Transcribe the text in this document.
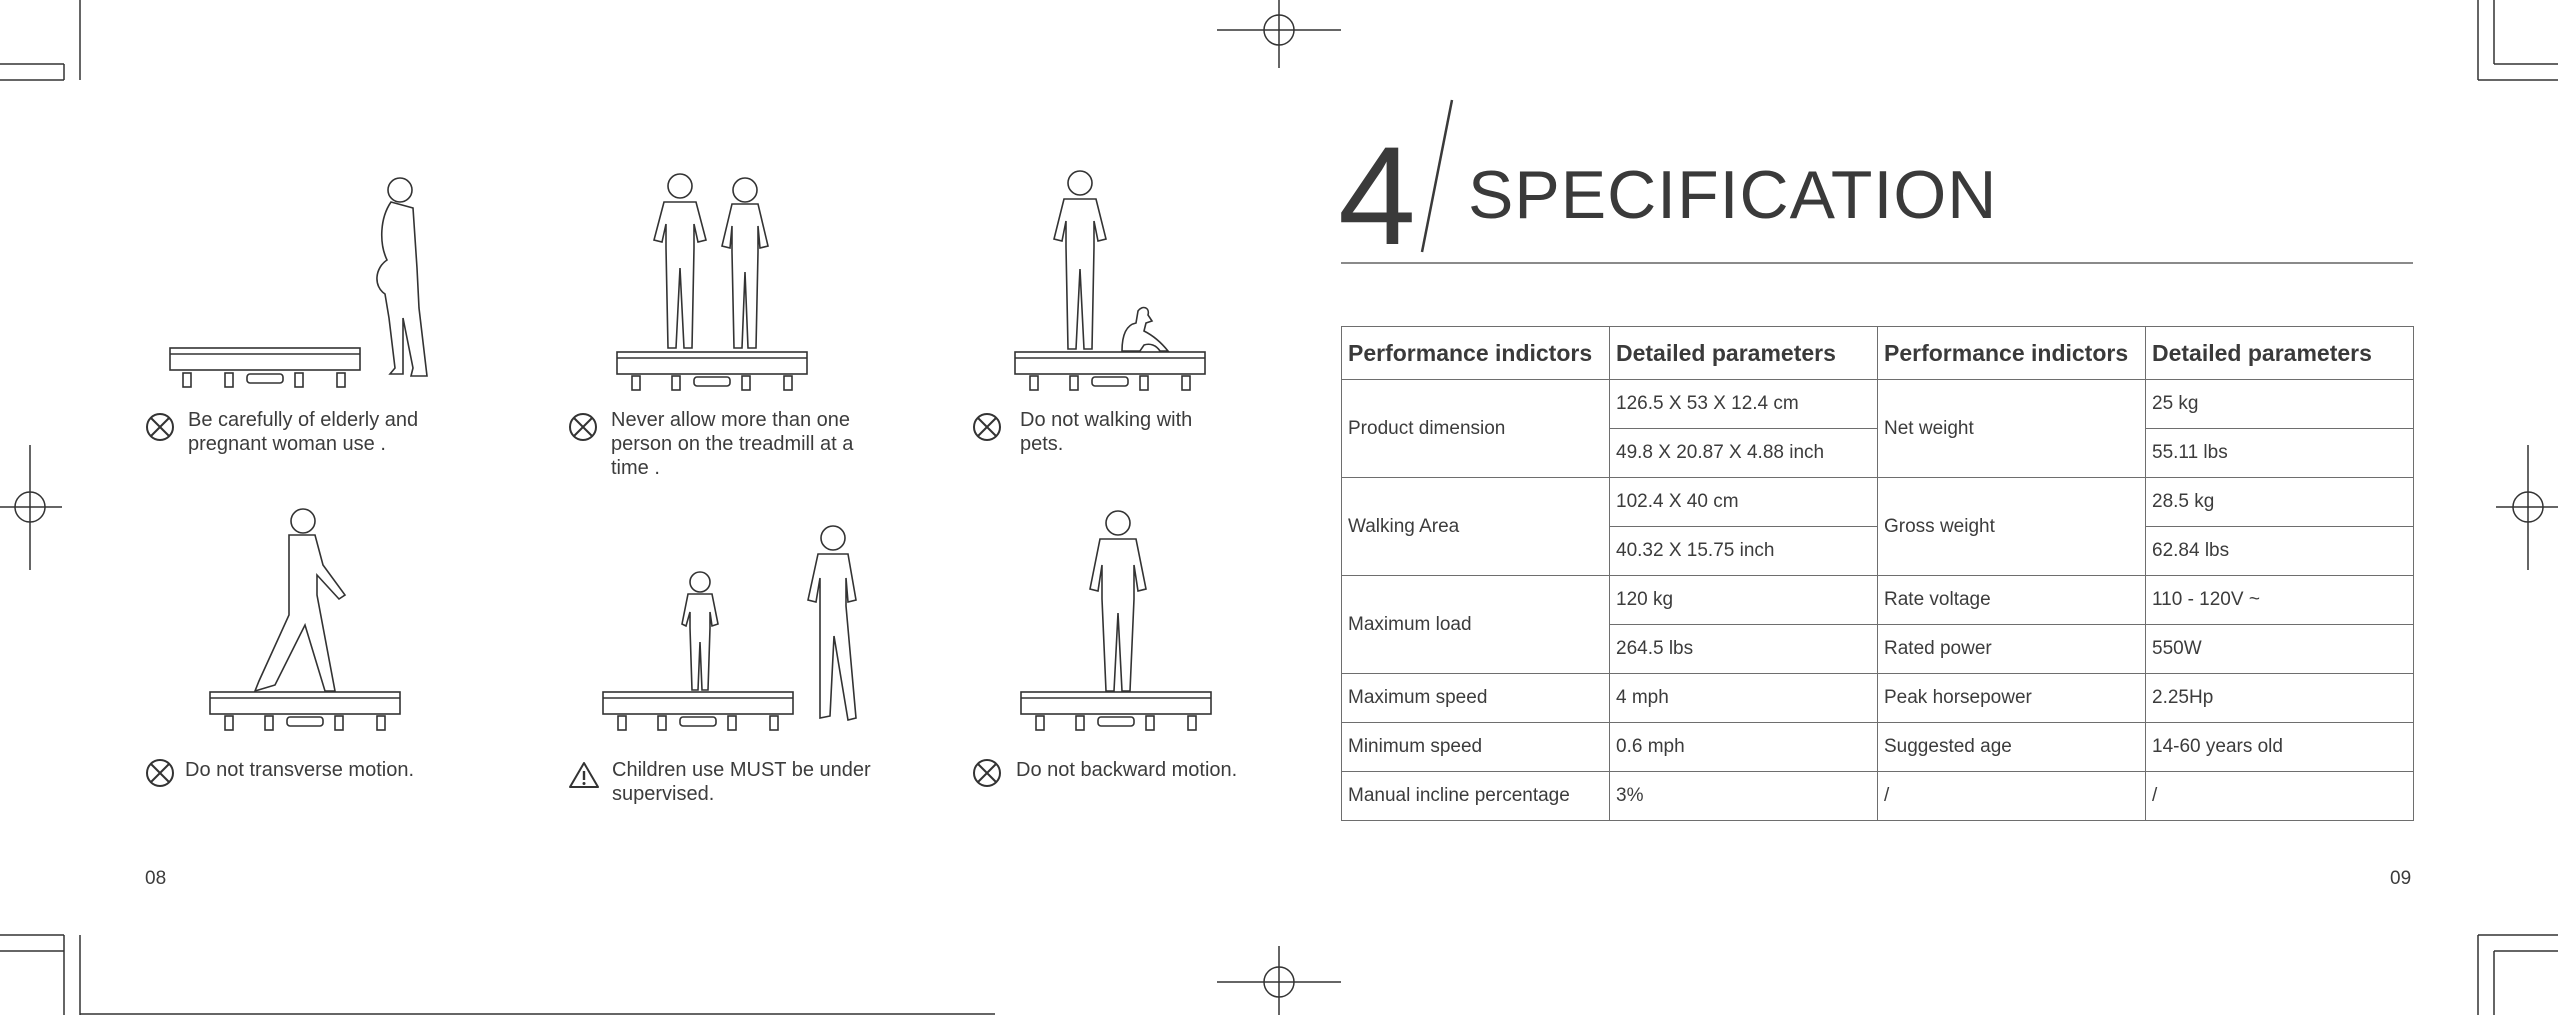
Be carefully of elderly and
pregnant woman use .
Never allow more than one
person on the treadmill at a
time .
Do not walking with
pets.
Do not transverse motion.	Children use MUST be under
supervised.
Do not backward motion.
08
4 SPECIFICATION
Performance indictors	Detailed parameters	Performance indictors	Detailed parameters
Product dimension	126.5 X 53 X 12.4 cm	Net weight	25 kg
	49.8 X 20.87 X 4.88 inch		55.11 lbs
Walking Area	102.4 X 40 cm	Gross weight	28.5 kg
	40.32 X 15.75 inch		62.84 lbs
Maximum load	120 kg	Rate voltage	110 - 120V ~
	264.5 lbs	Rated power	550W
Maximum speed	4 mph	Peak horsepower	2.25Hp
Minimum speed	0.6 mph	Suggested age	14-60 years old
Manual incline percentage	3%	/	/
09
